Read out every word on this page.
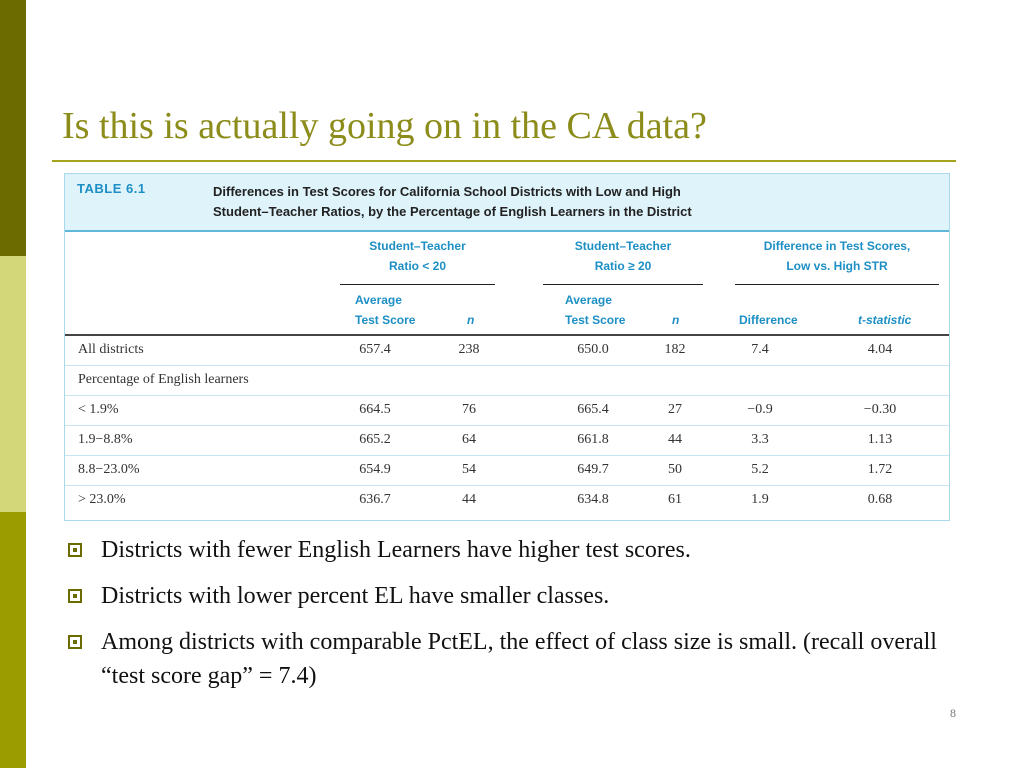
Is this is actually going on in the CA data?
TABLE 6.1	Differences in Test Scores for California School Districts with Low and High
Student–Teacher Ratios, by the Percentage of English Learners in the District
Student–Teacher
Ratio < 20
Student–Teacher
Ratio ≥ 20
Difference in Test Scores,
Low vs. High STR
Average
Test Score	n
Average
Test Score	n	Difference	t-statistic
All districts	657.4	238	650.0	182	7.4	4.04
Percentage of English learners
< 1.9%	664.5	76	665.4	27	−0.9	−0.30
1.9−8.8%	665.2	64	661.8	44	3.3	1.13
8.8−23.0%	654.9	54	649.7	50	5.2	1.72
> 23.0%	636.7	44	634.8	61	1.9	0.68
Districts with fewer English Learners have higher test scores.
Districts with lower percent EL have smaller classes.
Among districts with comparable PctEL, the effect of class size is small. (recall overall “test score gap” = 7.4)
8
